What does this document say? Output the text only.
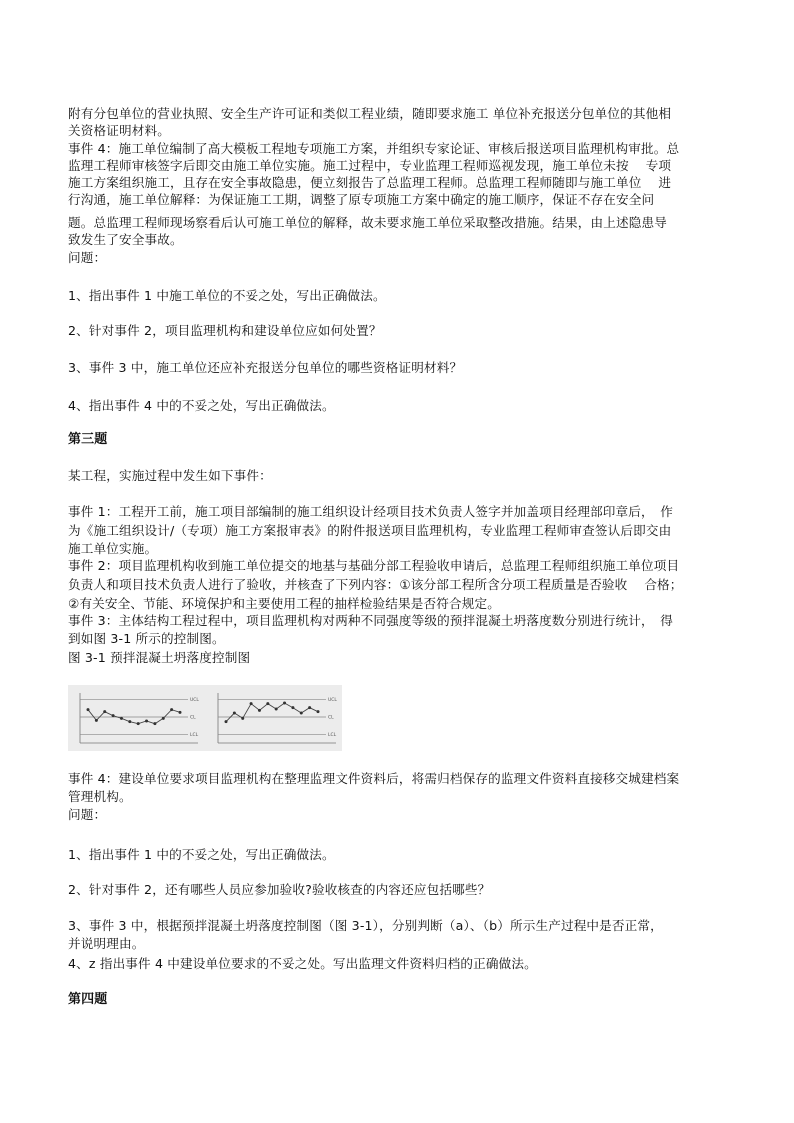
附有分包单位的营业执照、安全生产许可证和类似工程业绩，随即要求施工 单位补充报送分包单位的其他相
关资格证明材料。
事件 4：施工单位编制了高大模板工程地专项施工方案，并组织专家论证、审核后报送项目监理机构审批。总
监理工程师审核签字后即交由施工单位实施。施工过程中，专业监理工程师巡视发现，施工单位未按　 专项
施工方案组织施工，且存在安全事故隐患，便立刻报告了总监理工程师。总监理工程师随即与施工单位　 进
行沟通，施工单位解释：为保证施工工期，调整了原专项施工方案中确定的施工顺序，保证不存在安全问
题。总监理工程师现场察看后认可施工单位的解释，故未要求施工单位采取整改措施。结果，由上述隐患导
致发生了安全事故。
问题：
1、指出事件 1 中施工单位的不妥之处，写出正确做法。
2、针对事件 2，项目监理机构和建设单位应如何处置？
3、事件 3 中，施工单位还应补充报送分包单位的哪些资格证明材料？
4、指出事件 4 中的不妥之处，写出正确做法。
第三题
某工程，实施过程中发生如下事件：
事件 1：工程开工前，施工项目部编制的施工组织设计经项目技术负责人签字并加盖项目经理部印章后，　作
为《施工组织设计/（专项）施工方案报审表》的附件报送项目监理机构，专业监理工程师审查签认后即交由
施工单位实施。
事件 2：项目监理机构收到施工单位提交的地基与基础分部工程验收申请后，总监理工程师组织施工单位项目
负责人和项目技术负责人进行了验收，并核查了下列内容：①该分部工程所含分项工程质量是否验收　 合格；
②有关安全、节能、环境保护和主要使用工程的抽样检验结果是否符合规定。
事件 3：主体结构工程过程中，项目监理机构对两种不同强度等级的预拌混凝土坍落度数分别进行统计，　得
到如图 3-1 所示的控制图。
图 3-1 预拌混凝土坍落度控制图
UCL
CL
LCL
UCL
CL
LCL
事件 4：建设单位要求项目监理机构在整理监理文件资料后，将需归档保存的监理文件资料直接移交城建档案
管理机构。
问题：
1、指出事件 1 中的不妥之处，写出正确做法。
2、针对事件 2，还有哪些人员应参加验收?验收核查的内容还应包括哪些？
3、事件 3 中，根据预拌混凝土坍落度控制图（图 3-1），分别判断（a）、（b）所示生产过程中是否正常，
并说明理由。
4、z 指出事件 4 中建设单位要求的不妥之处。写出监理文件资料归档的正确做法。
第四题
